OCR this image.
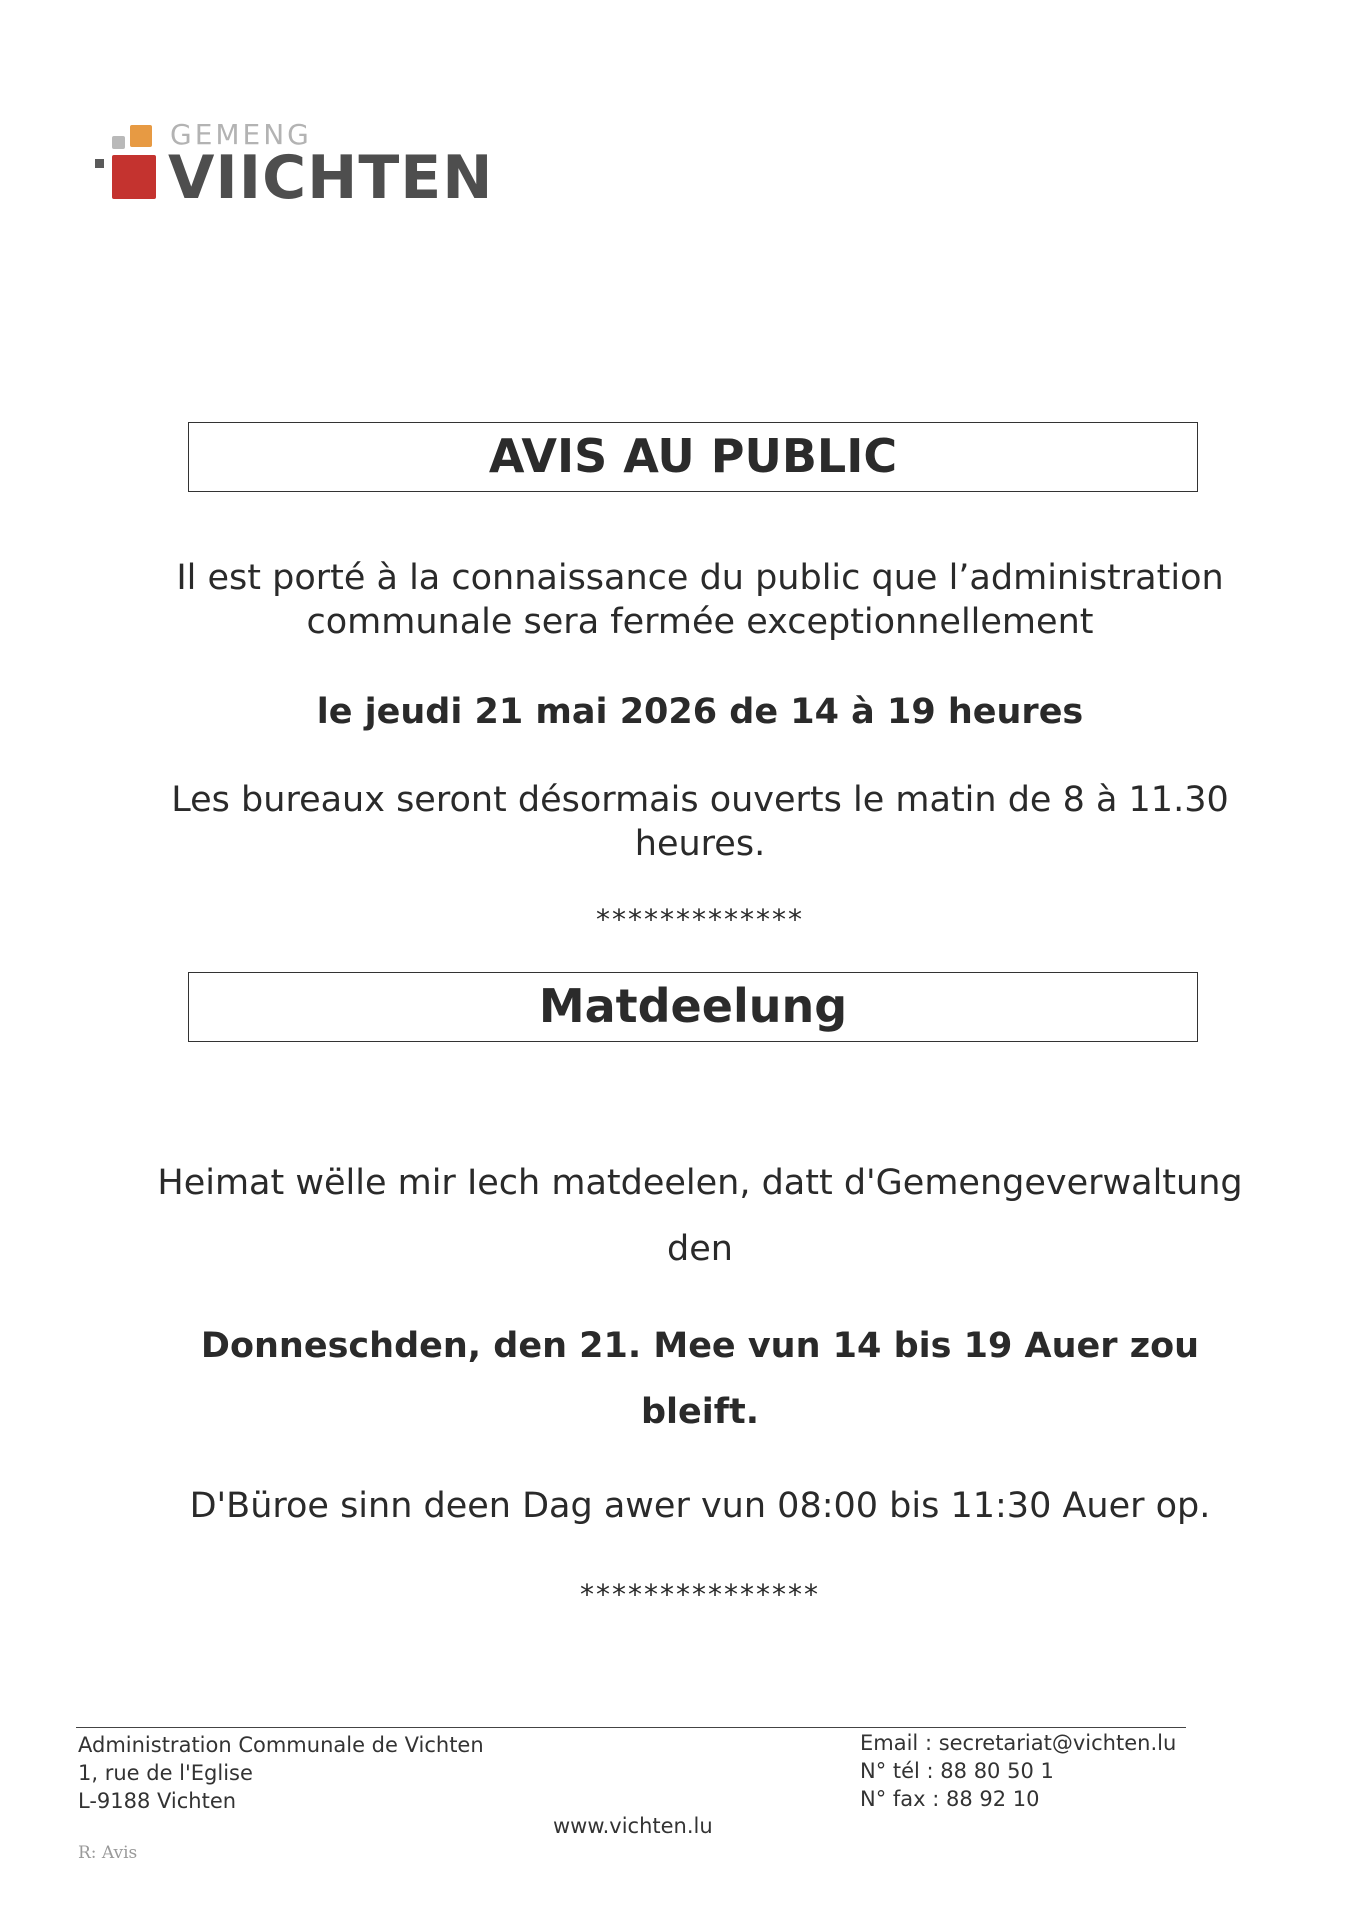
GEMENG
VIICHTEN
AVIS AU PUBLIC
Il est porté à la connaissance du public que l’administration
communale sera fermée exceptionnellement
le jeudi 21 mai 2026 de 14 à 19 heures
Les bureaux seront désormais ouverts le matin de 8 à 11.30
heures.
*************
Matdeelung
Heimat wëlle mir Iech matdeelen, datt d'Gemengeverwaltung
den
Donneschden, den 21. Mee vun 14 bis 19 Auer zou
bleift.
D'Büroe sinn deen Dag awer vun 08:00 bis 11:30 Auer op.
***************
Administration Communale de Vichten
1, rue de l'Eglise
L-9188 Vichten
Email : secretariat@vichten.lu
N° tél : 88 80 50 1
N° fax : 88 92 10
www.vichten.lu
R: Avis
